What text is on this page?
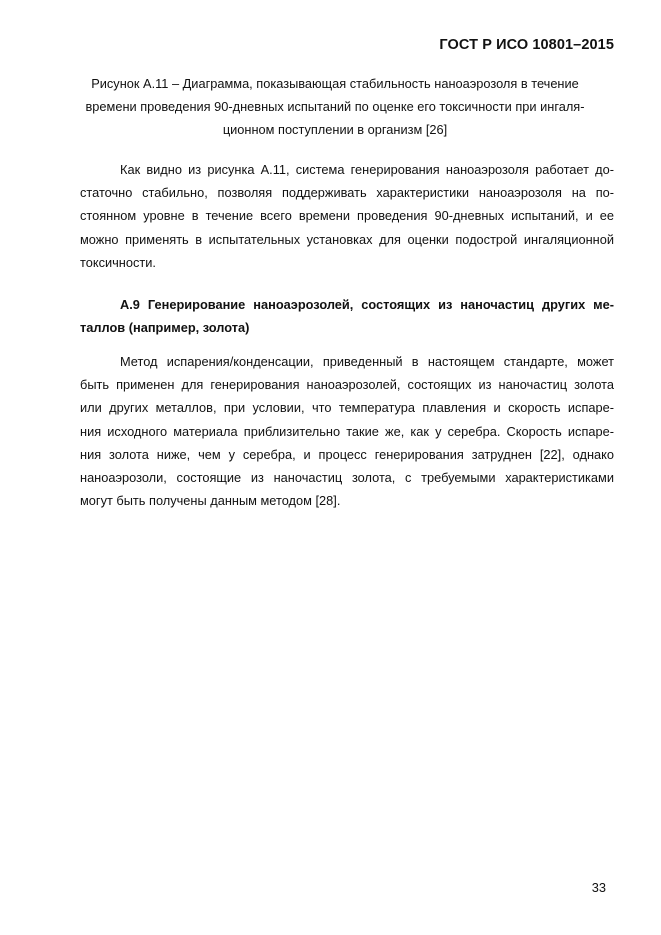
ГОСТ Р ИСО 10801–2015
Рисунок А.11 – Диаграмма, показывающая стабильность наноаэрозоля в течение
времени проведения 90-дневных испытаний по оценке его токсичности при ингаля-
ционном поступлении в организм [26]
Как видно из рисунка А.11, система генерирования наноаэрозоля работает до-
статочно стабильно, позволяя поддерживать характеристики наноаэрозоля на по-
стоянном уровне в течение всего времени проведения 90-дневных испытаний, и ее
можно применять в испытательных установках для оценки подострой ингаляционной
токсичности.
А.9 Генерирование наноаэрозолей, состоящих из наночастиц других ме-
таллов (например, золота)
Метод испарения/конденсации, приведенный в настоящем стандарте, может
быть применен для генерирования наноаэрозолей, состоящих из наночастиц золота
или других металлов, при условии, что температура плавления и скорость испаре-
ния исходного материала приблизительно такие же, как у серебра. Скорость испаре-
ния золота ниже, чем у серебра, и процесс генерирования затруднен [22], однако
наноаэрозоли, состоящие из наночастиц золота, с требуемыми характеристиками
могут быть получены данным методом [28].
33
